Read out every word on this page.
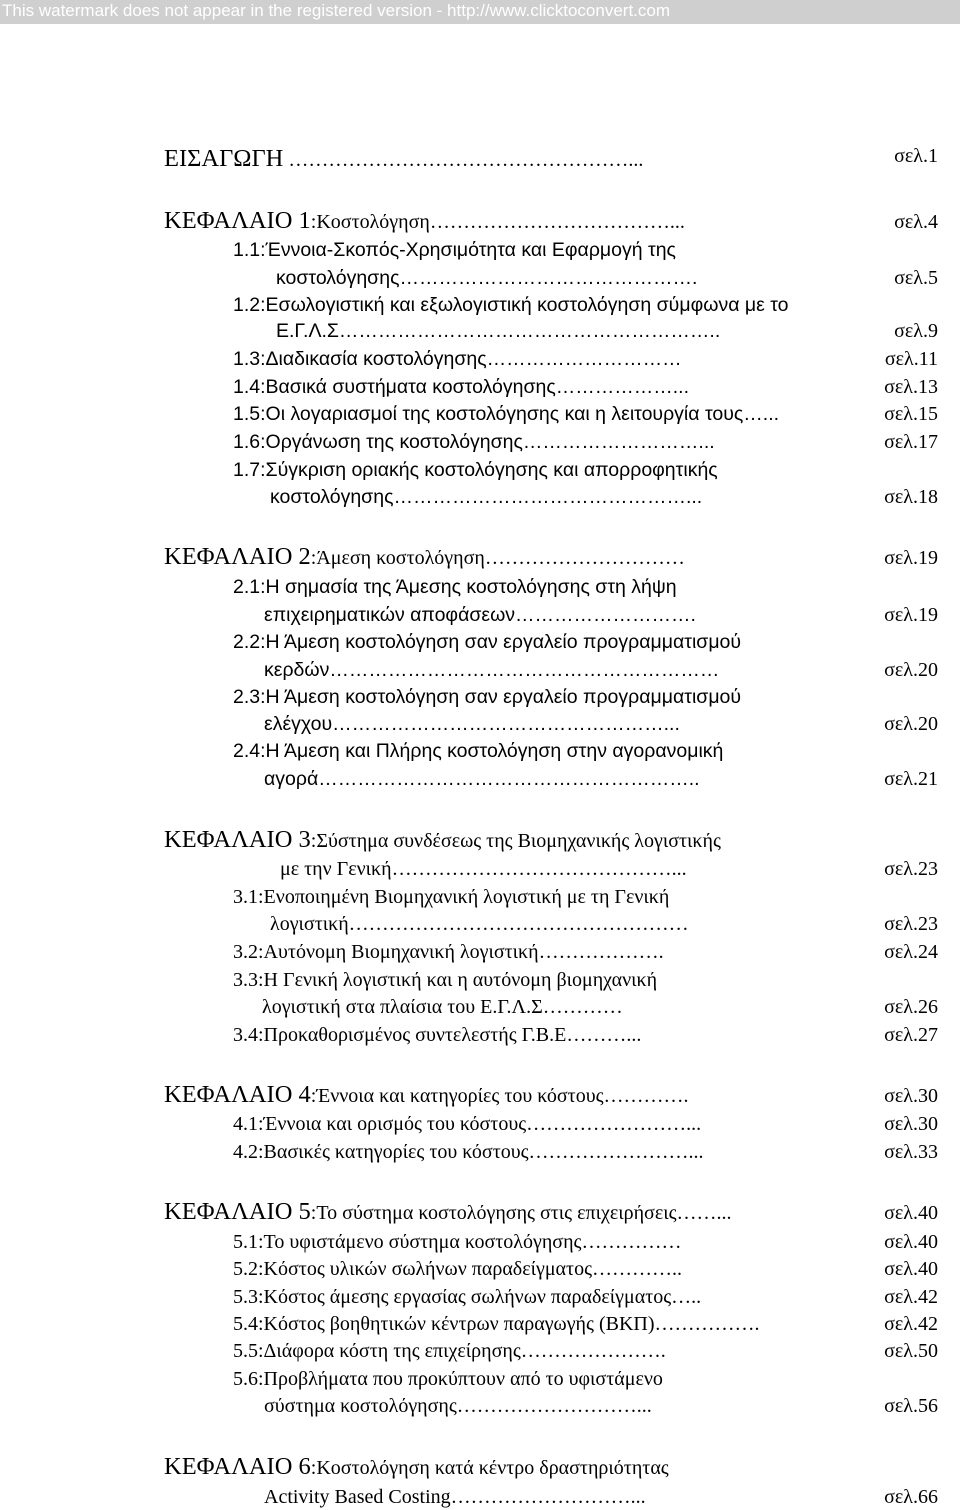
This watermark does not appear in the registered version - http://www.clicktoconvert.com
ΕΙΣΑΓΩΓΗ ……………………………………………...	σελ.1
ΚΕΦΑΛΑΙΟ 1:Κοστολόγηση………………………………...	σελ.4
1.1:Έννοια-Σκοπός-Χρησιμότητα και Εφαρμογή της
κοστολόγησης……………………………………….	σελ.5
1.2:Εσωλογιστική και εξωλογιστική κοστολόγηση σύμφωνα με το
Ε.Γ.Λ.Σ…………………………………………………..	σελ.9
1.3:Διαδικασία κοστολόγησης…………………………	σελ.11
1.4:Βασικά συστήματα κοστολόγησης………………...	σελ.13
1.5:Οι λογαριασμοί της κοστολόγησης και η λειτουργία τους…...	σελ.15
1.6:Οργάνωση της κοστολόγησης………………………...	σελ.17
1.7:Σύγκριση οριακής κοστολόγησης και απορροφητικής
κοστολόγησης………………………………………...	σελ.18
ΚΕΦΑΛΑΙΟ 2:Άμεση κοστολόγηση…………………………	σελ.19
2.1:Η σημασία της Άμεσης κοστολόγησης στη λήψη
επιχειρηματικών αποφάσεων……………………….	σελ.19
2.2:Η Άμεση κοστολόγηση σαν εργαλείο προγραμματισμού
κερδών……………………………………………………	σελ.20
2.3:Η Άμεση κοστολόγηση σαν εργαλείο προγραμματισμού
ελέγχου……………………………………………...	σελ.20
2.4:Η Άμεση και Πλήρης κοστολόγηση στην αγορανομική
αγορά…………………………………………………..	σελ.21
ΚΕΦΑΛΑΙΟ 3:Σύστημα συνδέσεως της Βιομηχανικής λογιστικής
με την Γενική……………………………………...	σελ.23
3.1:Ενοποιημένη Βιομηχανική λογιστική με τη Γενική
λογιστική……………………………………………	σελ.23
3.2:Αυτόνομη Βιομηχανική λογιστική……………….	σελ.24
3.3:Η Γενική λογιστική και η αυτόνομη βιομηχανική
λογιστική στα πλαίσια του Ε.Γ.Λ.Σ…………	σελ.26
3.4:Προκαθορισμένος συντελεστής Γ.Β.Ε………...	σελ.27
ΚΕΦΑΛΑΙΟ 4:Έννοια και κατηγορίες του κόστους………….	σελ.30
4.1:Έννοια και ορισμός του κόστους……………………...	σελ.30
4.2:Βασικές κατηγορίες του κόστους……………………...	σελ.33
ΚΕΦΑΛΑΙΟ 5:Το σύστημα κοστολόγησης στις επιχειρήσεις……...	σελ.40
5.1:Το υφιστάμενο σύστημα κοστολόγησης……………	σελ.40
5.2:Κόστος υλικών σωλήνων παραδείγματος…………..	σελ.40
5.3:Κόστος άμεσης εργασίας σωλήνων παραδείγματος…..	σελ.42
5.4:Κόστος βοηθητικών κέντρων παραγωγής (ΒΚΠ)…………….	σελ.42
5.5:Διάφορα κόστη της επιχείρησης………………….	σελ.50
5.6:Προβλήματα που προκύπτουν από το υφιστάμενο
σύστημα κοστολόγησης………………………...	σελ.56
ΚΕΦΑΛΑΙΟ 6:Κοστολόγηση κατά κέντρο δραστηριότητας
Activity Based Costing………………………...	σελ.66
